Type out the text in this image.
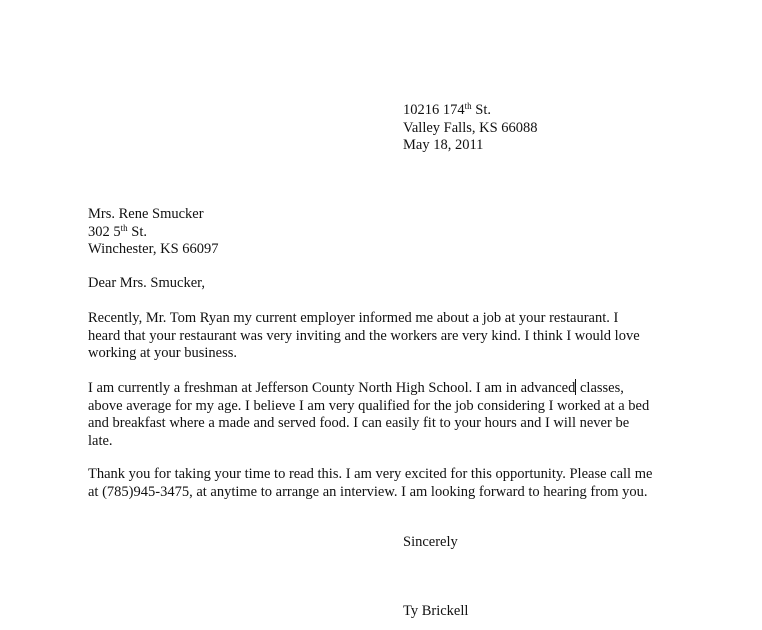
10216 174th St.
Valley Falls, KS 66088
May 18, 2011
Mrs. Rene Smucker
302 5th St.
Winchester, KS 66097
Dear Mrs. Smucker,
Recently, Mr. Tom Ryan my current employer informed me about a job at your restaurant. I
heard that your restaurant was very inviting and the workers are very kind. I think I would love
working at your business.
I am currently a freshman at Jefferson County North High School. I am in advanced classes,
above average for my age. I believe I am very qualified for the job considering I worked at a bed
and breakfast where a made and served food. I can easily fit to your hours and I will never be
late.
Thank you for taking your time to read this. I am very excited for this opportunity. Please call me
at (785)945-3475, at anytime to arrange an interview. I am looking forward to hearing from you.
Sincerely
Ty Brickell
